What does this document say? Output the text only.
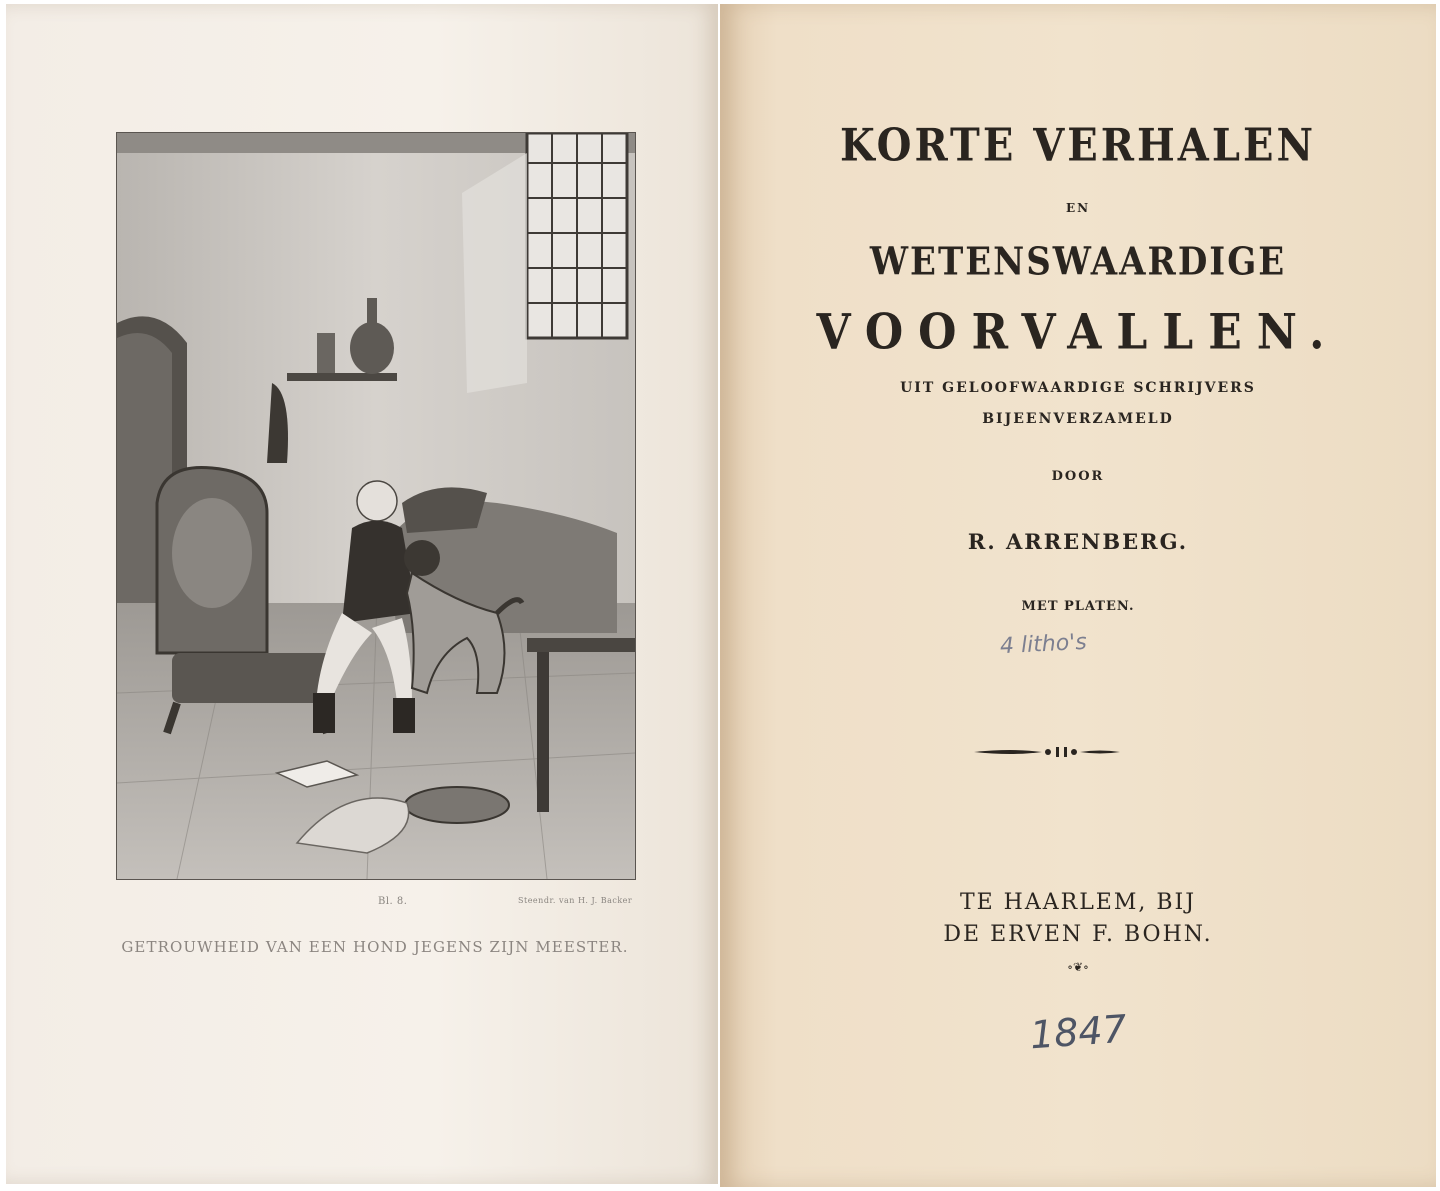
Bl. 8.	Steendr. van H. J. Backer
GETROUWHEID VAN EEN HOND JEGENS ZIJN MEESTER.
KORTE VERHALEN
EN
WETENSWAARDIGE
VOORVALLEN.
UIT GELOOFWAARDIGE SCHRIJVERS
BIJEENVERZAMELD
DOOR
R. ARRENBERG.
MET PLATEN.
TE HAARLEM, BIJ
DE ERVEN F. BOHN.
∘❦∘
4 litho's
1847
